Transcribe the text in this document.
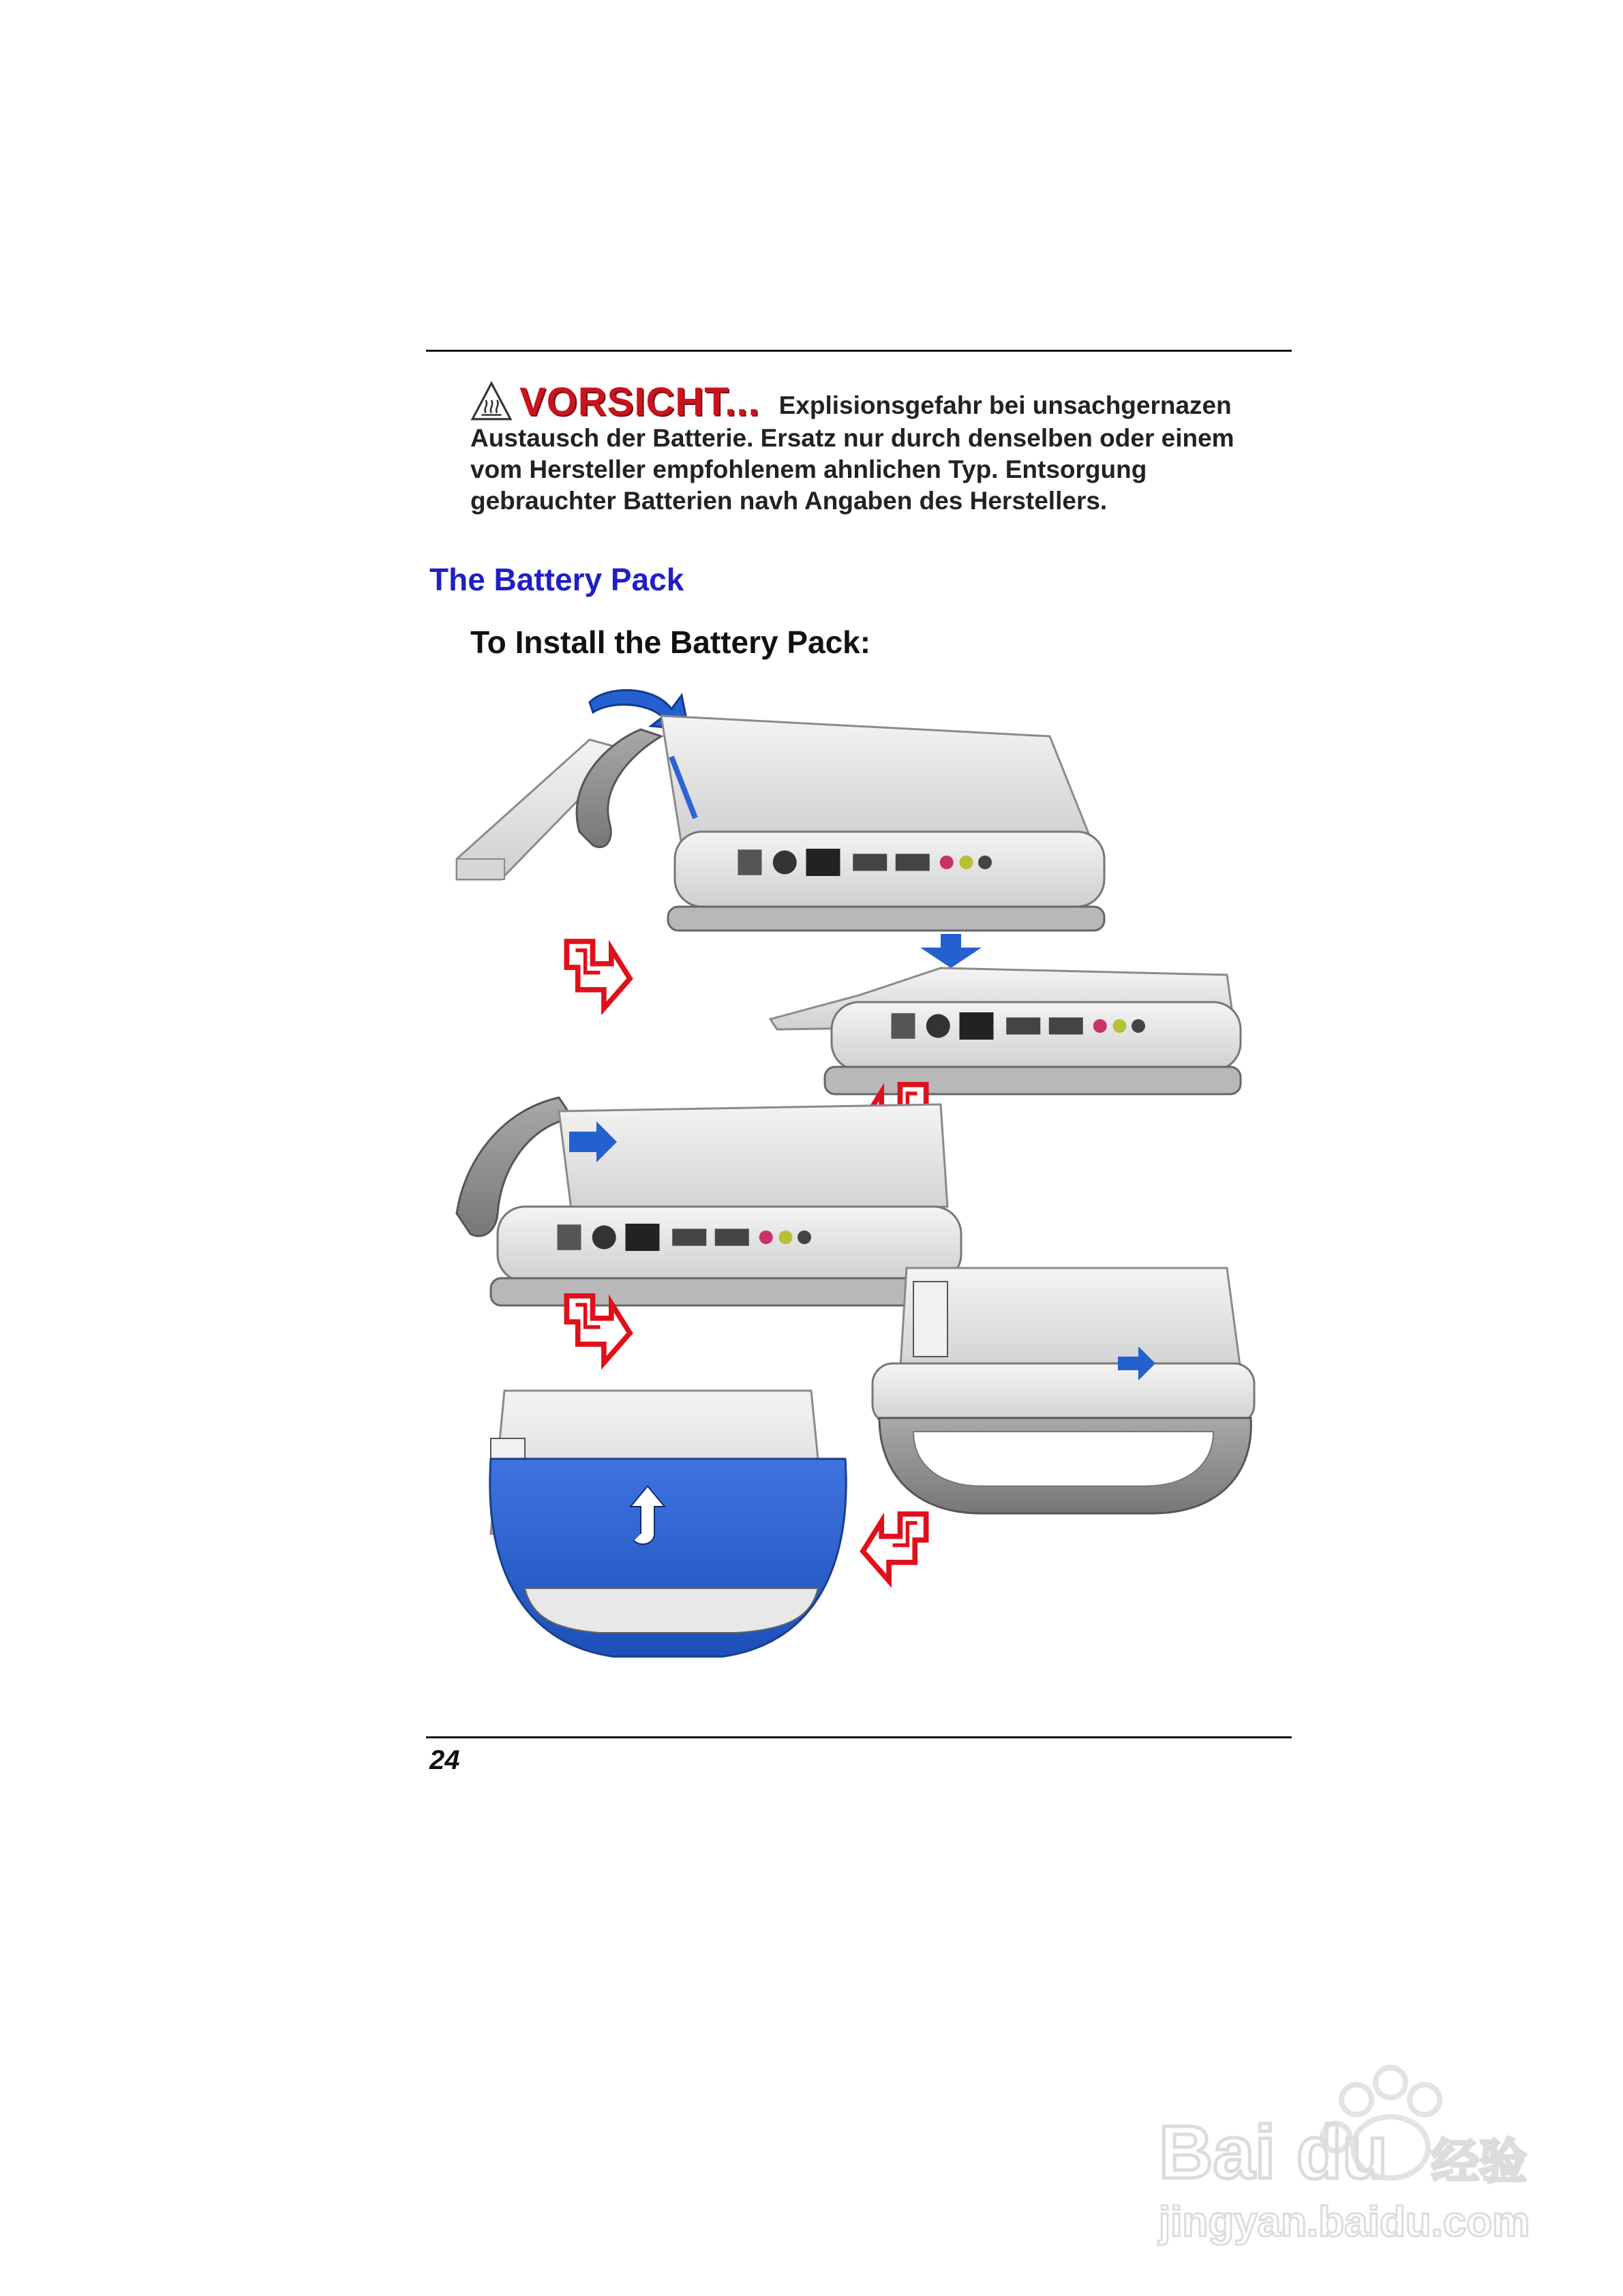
VORSICHT... Explisionsgefahr bei unsachgernazen
Austausch der Batterie. Ersatz nur durch denselben oder einem vom Hersteller empfohlenem ahnlichen Typ. Entsorgung gebrauchter Batterien navh Angaben des Herstellers.
The Battery Pack
To Install the Battery Pack:
24
Bai du 经验
jingyan.baidu.com
